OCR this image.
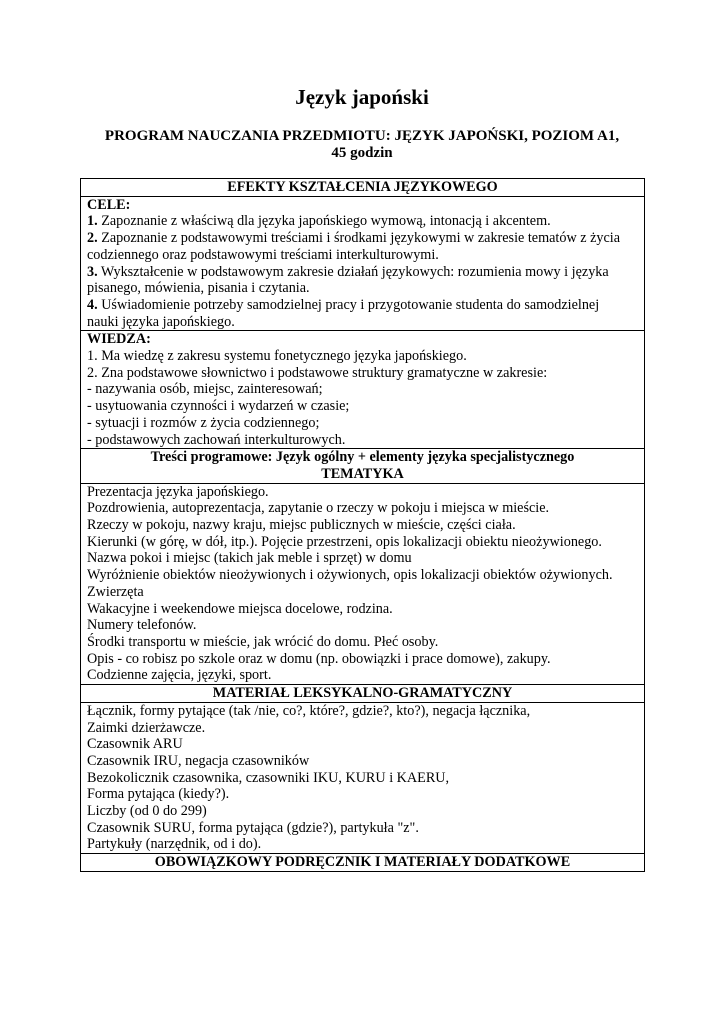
Język japoński
PROGRAM NAUCZANIA PRZEDMIOTU: JĘZYK JAPOŃSKI, POZIOM A1,
45 godzin
EFEKTY KSZTAŁCENIA JĘZYKOWEGO

CELE:
1. Zapoznanie z właściwą dla języka japońskiego wymową, intonacją i akcentem.
2. Zapoznanie z podstawowymi treściami i środkami językowymi w zakresie tematów z życia
codziennego oraz podstawowymi treściami interkulturowymi.
3. Wykształcenie w podstawowym zakresie działań językowych: rozumienia mowy i języka
pisanego, mówienia, pisania i czytania.
4. Uświadomienie potrzeby samodzielnej pracy i przygotowanie studenta do samodzielnej
nauki języka japońskiego.

WIEDZA:
1. Ma wiedzę z zakresu systemu fonetycznego języka japońskiego.
2. Zna podstawowe słownictwo i podstawowe struktury gramatyczne w zakresie:
- nazywania osób, miejsc, zainteresowań;
- usytuowania czynności i wydarzeń w czasie;
- sytuacji i rozmów z życia codziennego;
- podstawowych zachowań interkulturowych.

Treści programowe: Język ogólny + elementy języka specjalistycznego
TEMATYKA

Prezentacja języka japońskiego.
Pozdrowienia, autoprezentacja, zapytanie o rzeczy w pokoju i miejsca w mieście.
Rzeczy w pokoju, nazwy kraju, miejsc publicznych w mieście, części ciała.
Kierunki (w górę, w dół, itp.). Pojęcie przestrzeni, opis lokalizacji obiektu nieożywionego.
Nazwa pokoi i miejsc (takich jak meble i sprzęt) w domu
Wyróżnienie obiektów nieożywionych i ożywionych, opis lokalizacji obiektów ożywionych.
Zwierzęta
Wakacyjne i weekendowe miejsca docelowe, rodzina.
Numery telefonów.
Środki transportu w mieście, jak wrócić do domu. Płeć osoby.
Opis - co robisz po szkole oraz w domu (np. obowiązki i prace domowe), zakupy.
Codzienne zajęcia, języki, sport.

MATERIAŁ LEKSYKALNO-GRAMATYCZNY

Łącznik, formy pytające (tak /nie, co?, które?, gdzie?, kto?), negacja łącznika,
Zaimki dzierżawcze.
Czasownik ARU
Czasownik IRU, negacja czasowników
Bezokolicznik czasownika, czasowniki IKU, KURU i KAERU,
Forma pytająca (kiedy?).
Liczby (od 0 do 299)
Czasownik SURU, forma pytająca (gdzie?), partykuła "z".
Partykuły (narzędnik, od i do).

OBOWIĄZKOWY PODRĘCZNIK I MATERIAŁY DODATKOWE
